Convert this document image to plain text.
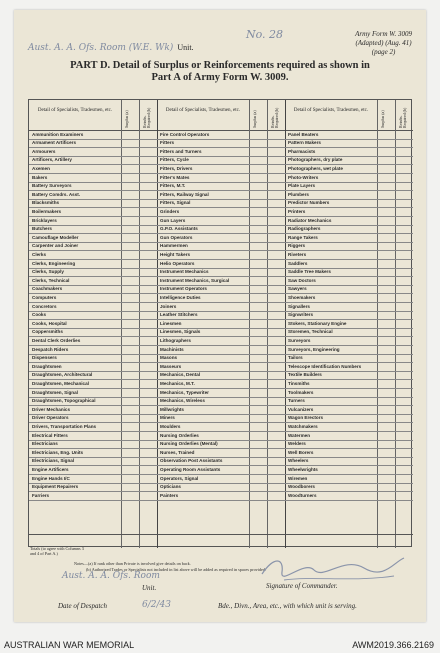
Aust. A. A. Ofs. Room (W.E. Wk) Unit.
No. 28	Army Form W. 3009
(Adapted) (Aug. 41)
(page 2)
PART D. Detail of Surplus or Reinforcements required as shown in
Part A of Army Form W. 3009.
Detail of Specialists, Tradesmen, etc.	Surplus (a)	Reinfts. Required (b)
Ammunition Examiners
Armament Artificers
Armourers
Artificers, Artillery
Axemen
Bakers
Battery Surveyors
Battery Comdrs. Asst.
Blacksmiths
Boilermakers
Bricklayers
Butchers
Camouflage Modeller
Carpenter and Joiner
Clerks
Clerks, Engineering
Clerks, Supply
Clerks, Technical
Coachmakers
Computers
Concretors
Cooks
Cooks, Hospital
Coppersmiths
Dental Clerk Orderlies
Despatch Riders
Dispensers
Draughtsmen
Draughtsmen, Architectural
Draughtsmen, Mechanical
Draughtsmen, Signal
Draughtsmen, Topographical
Driver Mechanics
Driver Operators
Drivers, Transportation Plans
Electrical Fitters
Electricians
Electricians, Eng. Units
Electricians, Signal
Engine Artificers
Engine Hands I/C
Equipment Repairers
Farriers
Detail of Specialists, Tradesmen, etc.	Surplus (a)	Reinfts. Required (b)
Fire Control Operators
Fitters
Fitters and Turners
Fitters, Cycle
Fitters, Drivers
Fitter's Mates
Fitters, M.T.
Fitters, Railway Signal
Fitters, Signal
Grinders
Gun Layers
G.P.O. Assistants
Gun Operators
Hammermen
Height Takers
Helio Operators
Instrument Mechanics
Instrument Mechanics, Surgical
Instrument Operators
Intelligence Duties
Joiners
Leather Stitchers
Linesmen
Linesmen, Signals
Lithographers
Machinists
Masons
Masseurs
Mechanics, Dental
Mechanics, M.T.
Mechanics, Typewriter
Mechanics, Wireless
Millwrights
Miners
Moulders
Nursing Orderlies
Nursing Orderlies (Mental)
Nurses, Trained
Observation Post Assistants
Operating Room Assistants
Operators, Signal
Opticians
Painters
Detail of Specialists, Tradesmen, etc.	Surplus (a)	Reinfts. Required (b)
Panel Beaters
Pattern Makers
Pharmacists
Photographers, dry plate
Photographers, wet plate
Photo-Writers
Plate Layers
Plumbers
Predictor Numbers
Printers
Radiator Mechanics
Radiographers
Range Takers
Riggers
Riveters
Saddlers
Saddle Tree Makers
Saw Doctors
Sawyers
Shoemakers
Signallers
Signwriters
Stokers, Stationary Engine
Storemen, Technical
Surveyors
Surveyors, Engineering
Tailors
Telescope Identification Numbers
Textile Builders
Tinsmiths
Toolmakers
Turners
Vulcanizers
Wagon Erectors
Watchmakers
Watermen
Welders
Well Borers
Wheelers
Wheelwrights
Wiremen
Woodborers
Woodturners
Totals (to agree with Columns 3 and 4 of Part A.)
Notes—(a) If rank other than Private is involved give details on back.
(b) Authorized Trades or Specialists not included in list above will be added as required in spaces provided.
Aust. A. A. Ofs. Room
Unit.	Signature of Commander.
Date of Despatch	6/2/43	Bde., Divn., Area, etc., with which unit is serving.
AUSTRALIAN WAR MEMORIAL	AWM2019.366.2169
